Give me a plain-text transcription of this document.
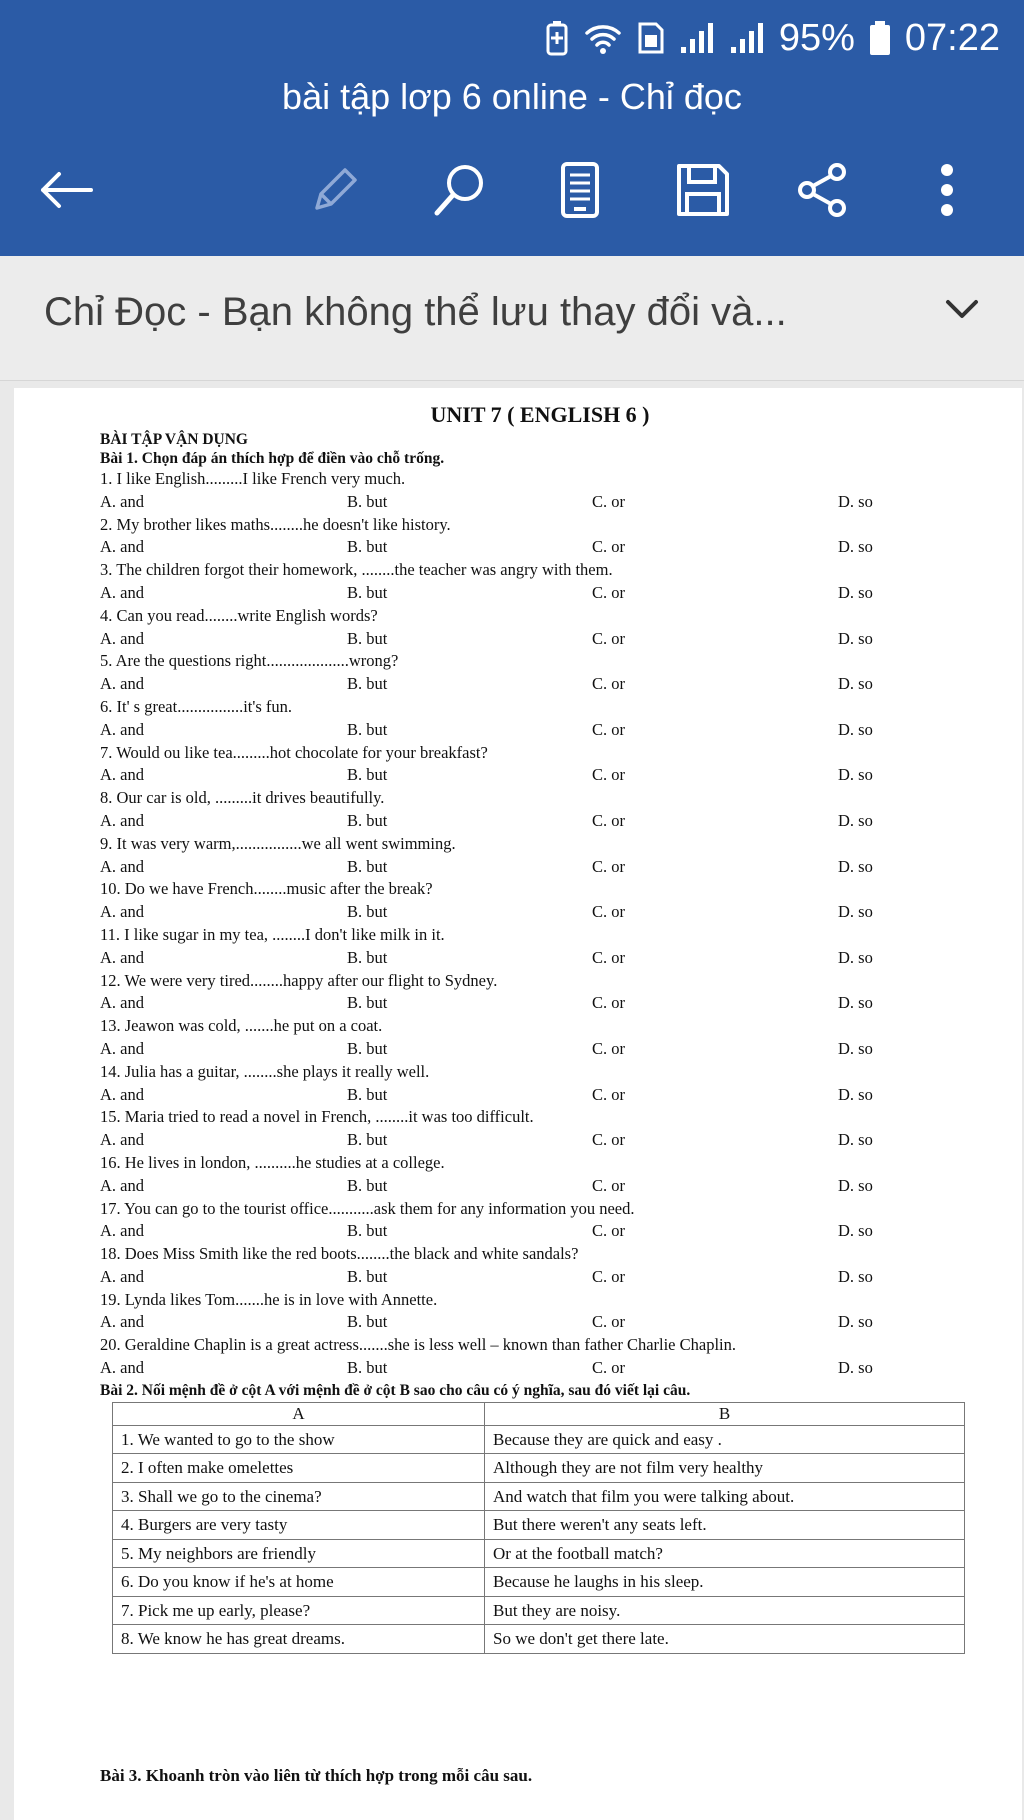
95% 07:22
bài tập lơp 6 online - Chỉ đọc
Chỉ Đọc - Bạn không thể lưu thay đổi và...
UNIT 7 ( ENGLISH 6 )
BÀI TẬP VẬN DỤNG
Bài 1. Chọn đáp án thích hợp để điền vào chỗ trống.
1. I like English.........I like French very much.
A. and	B. but	C. or	D. so
2. My brother likes maths........he doesn't like history.
A. and	B. but	C. or	D. so
3. The children forgot their homework, ........the teacher was angry with them.
A. and	B. but	C. or	D. so
4. Can you read........write English words?
A. and	B. but	C. or	D. so
5. Are the questions right....................wrong?
A. and	B. but	C. or	D. so
6. It' s great................it's fun.
A. and	B. but	C. or	D. so
7. Would ou like tea.........hot chocolate for your breakfast?
A. and	B. but	C. or	D. so
8. Our car is old, .........it drives beautifully.
A. and	B. but	C. or	D. so
9. It was very warm,................we all went swimming.
A. and	B. but	C. or	D. so
10. Do we have French........music after the break?
A. and	B. but	C. or	D. so
11. I like sugar in my tea, ........I don't like milk in it.
A. and	B. but	C. or	D. so
12. We were very tired........happy after our flight to Sydney.
A. and	B. but	C. or	D. so
13. Jeawon was cold, .......he put on a coat.
A. and	B. but	C. or	D. so
14. Julia has a guitar, ........she plays it really well.
A. and	B. but	C. or	D. so
15. Maria tried to read a novel in French, ........it was too difficult.
A. and	B. but	C. or	D. so
16. He lives in london, ..........he studies at a college.
A. and	B. but	C. or	D. so
17. You can go to the tourist office...........ask them for any information you need.
A. and	B. but	C. or	D. so
18. Does Miss Smith like the red boots........the black and white sandals?
A. and	B. but	C. or	D. so
19. Lynda likes Tom.......he is in love with Annette.
A. and	B. but	C. or	D. so
20. Geraldine Chaplin is a great actress.......she is less well – known than father Charlie Chaplin.
A. and	B. but	C. or	D. so
Bài 2. Nối mệnh đề ở cột A với mệnh đề ở cột B sao cho câu có ý nghĩa, sau đó viết lại câu.
A	B
1. We wanted to go to the show	Because they are quick and easy .
2. I often make omelettes	Although they are not film very healthy
3. Shall we go to the cinema?	And watch that film you were talking about.
4. Burgers are very tasty	But there weren't any seats left.
5. My neighbors are friendly	Or at the football match?
6. Do you know if he's at home	Because he laughs in his sleep.
7. Pick me up early, please?	But they are noisy.
8. We know he has great dreams.	So we don't get there late.
Bài 3. Khoanh tròn vào liên từ thích hợp trong mỗi câu sau.
